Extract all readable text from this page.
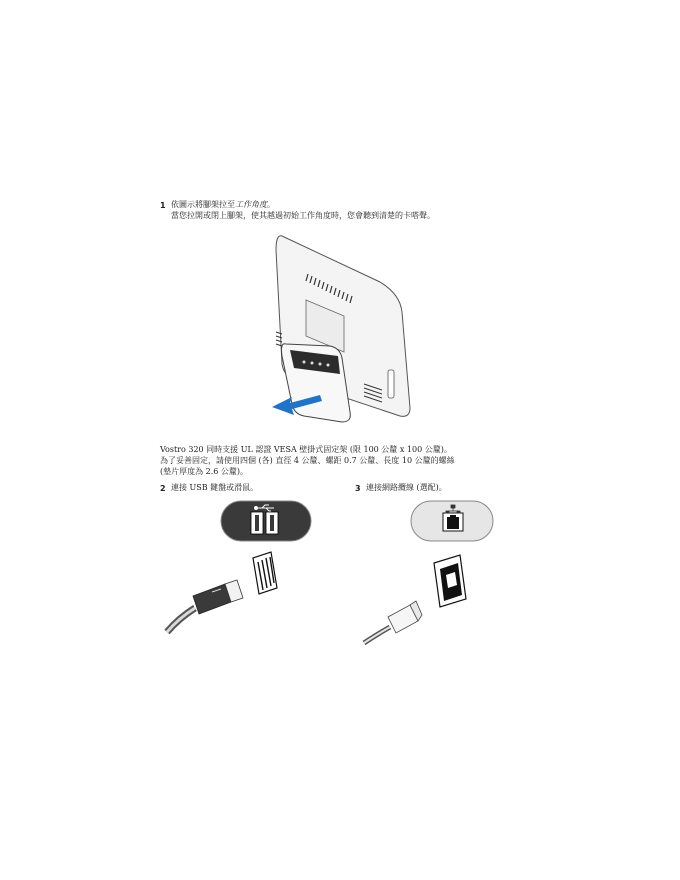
1 依圖示將腳架拉至工作角度。
當您拉開或閉上腳架，使其越過初始工作角度時，您會聽到清楚的卡嗒聲。
Vostro 320 同時支援 UL 認證 VESA 壁掛式固定架 (限 100 公釐 x 100 公釐)。
為了妥善固定，請使用四個 (各) 直徑 4 公釐、螺距 0.7 公釐、長度 10 公釐的螺絲
(墊片厚度為 2.6 公釐)。
2 連接 USB 鍵盤或滑鼠。	3 連接網路纜線 (選配)。
